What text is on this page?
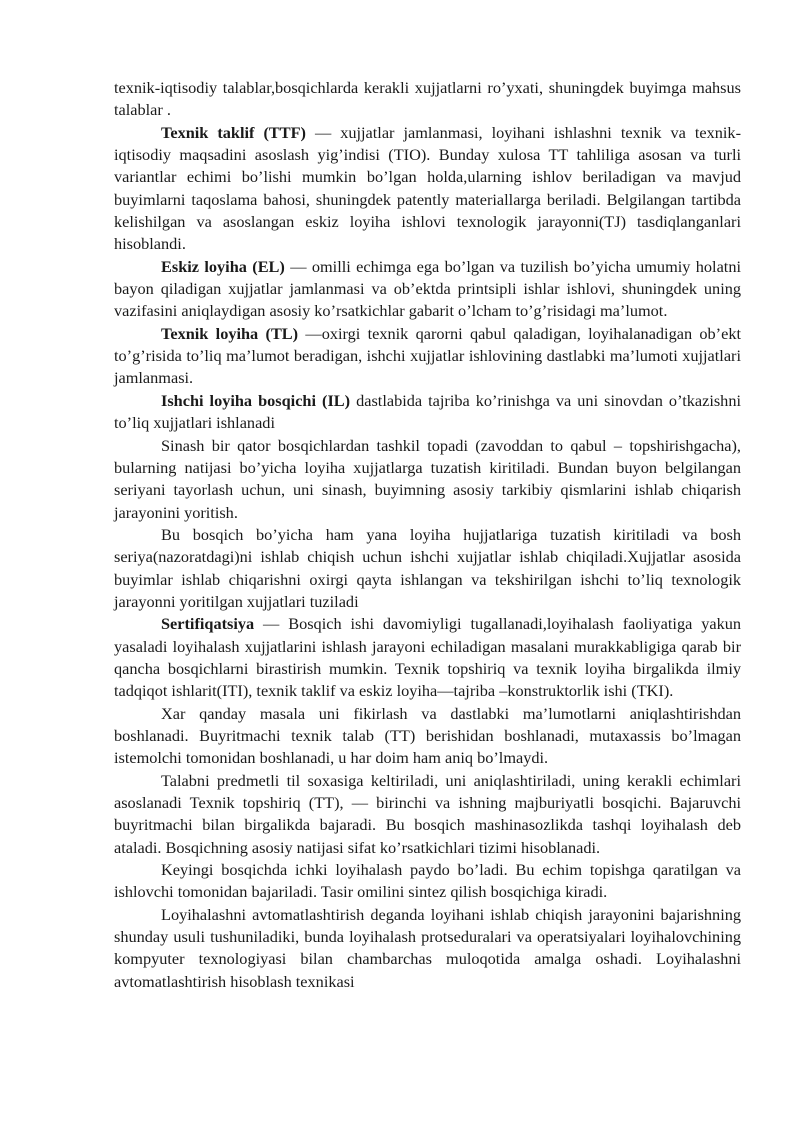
texnik-iqtisodiy talablar,bosqichlarda kerakli xujjatlarni ro’yxati, shuningdek buyimga mahsus talablar .

Texnik taklif (TTF) — xujjatlar jamlanmasi, loyihani ishlashni texnik va texnik-iqtisodiy maqsadini asoslash yig’indisi (TIO). Bunday xulosa TT tahliliga asosan va turli variantlar echimi bo’lishi mumkin bo’lgan holda,ularning ishlov beriladigan va mavjud buyimlarni taqoslama bahosi, shuningdek patently materiallarga beriladi. Belgilangan tartibda kelishilgan va asoslangan eskiz loyiha ishlovi texnologik jarayonni(TJ) tasdiqlanganlari hisoblandi.

Eskiz loyiha (EL) — omilli echimga ega bo’lgan va tuzilish bo’yicha umumiy holatni bayon qiladigan xujjatlar jamlanmasi va ob’ektda printsipli ishlar ishlovi, shuningdek uning vazifasini aniqlaydigan asosiy ko’rsatkichlar gabarit o’lcham to’g’risidagi ma’lumot.

Texnik loyiha (TL) —oxirgi texnik qarorni qabul qaladigan, loyihalanadigan ob’ekt to’g’risida to’liq ma’lumot beradigan, ishchi xujjatlar ishlovining dastlabki ma’lumoti xujjatlari jamlanmasi.

Ishchi loyiha bosqichi (IL) dastlabida tajriba ko’rinishga va uni sinovdan o’tkazishni to’liq xujjatlari ishlanadi

Sinash bir qator bosqichlardan tashkil topadi (zavoddan to qabul – topshirishgacha), bularning natijasi bo’yicha loyiha xujjatlarga tuzatish kiritiladi. Bundan buyon belgilangan seriyani tayorlash uchun, uni sinash, buyimning asosiy tarkibiy qismlarini ishlab chiqarish jarayonini yoritish.

Bu bosqich bo’yicha ham yana loyiha hujjatlariga tuzatish kiritiladi va bosh seriya(nazoratdagi)ni ishlab chiqish uchun ishchi xujjatlar ishlab chiqiladi.Xujjatlar asosida buyimlar ishlab chiqarishni oxirgi qayta ishlangan va tekshirilgan ishchi to’liq texnologik jarayonni yoritilgan xujjatlari tuziladi

Sertifiqatsiya — Bosqich ishi davomiyligi tugallanadi,loyihalash faoliyatiga yakun yasaladi loyihalash xujjatlarini ishlash jarayoni echiladigan masalani murakkabligiga qarab bir qancha bosqichlarni birastirish mumkin. Texnik topshiriq va texnik loyiha birgalikda ilmiy tadqiqot ishlarit(ITI), texnik taklif va eskiz loyiha—tajriba –konstruktorlik ishi (TKI).

Xar qanday masala uni fikirlash va dastlabki ma’lumotlarni aniqlashtirishdan boshlanadi. Buyritmachi texnik talab (TT) berishidan boshlanadi, mutaxassis bo’lmagan istemolchi tomonidan boshlanadi, u har doim ham aniq bo’lmaydi.

Talabni predmetli til soxasiga keltiriladi, uni aniqlashtiriladi, uning kerakli echimlari asoslanadi Texnik topshiriq (TT), — birinchi va ishning majburiyatli bosqichi. Bajaruvchi buyritmachi bilan birgalikda bajaradi. Bu bosqich mashinasozlikda tashqi loyihalash deb ataladi. Bosqichning asosiy natijasi sifat ko’rsatkichlari tizimi hisoblanadi.

Keyingi bosqichda ichki loyihalash paydo bo’ladi. Bu echim topishga qaratilgan va ishlovchi tomonidan bajariladi. Tasir omilini sintez qilish bosqichiga kiradi.

Loyihalashni avtomatlashtirish deganda loyihani ishlab chiqish jarayonini bajarishning shunday usuli tushuniladiki, bunda loyihalash protseduralari va operatsiyalari loyihalovchining kompyuter texnologiyasi bilan chambarchas muloqotida amalga oshadi. Loyihalashni avtomatlashtirish hisoblash texnikasi
